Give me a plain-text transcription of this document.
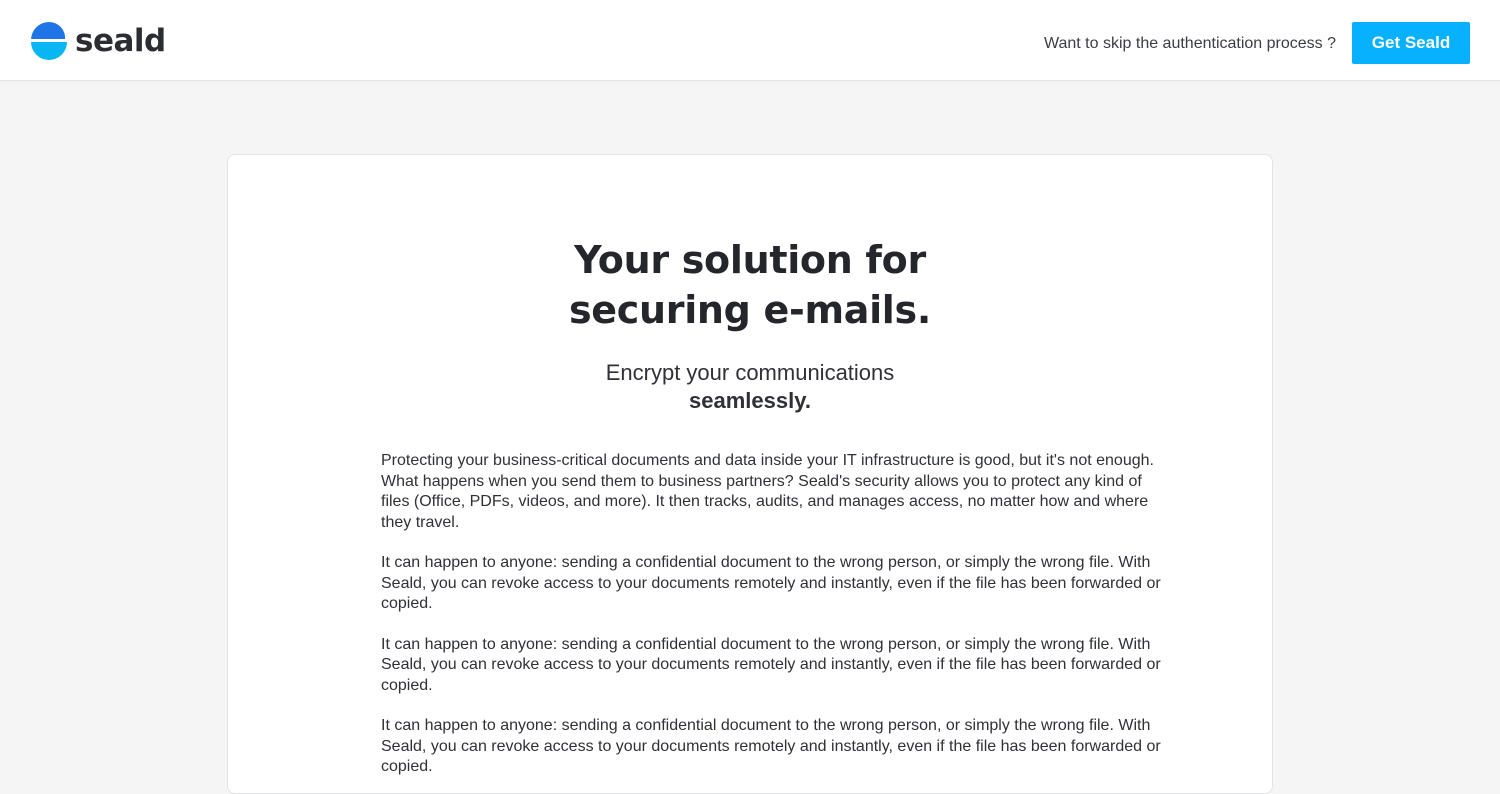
seald	Want to skip the authentication process ?	Get Seald
Your solution for
securing e-mails.
Encrypt your communications
seamlessly.

Protecting your business-critical documents and data inside your IT infrastructure is good, but it's not enough. What happens when you send them to business partners? Seald's security allows you to protect any kind of files (Office, PDFs, videos, and more). It then tracks, audits, and manages access, no matter how and where they travel.

It can happen to anyone: sending a confidential document to the wrong person, or simply the wrong file. With Seald, you can revoke access to your documents remotely and instantly, even if the file has been forwarded or copied.

It can happen to anyone: sending a confidential document to the wrong person, or simply the wrong file. With Seald, you can revoke access to your documents remotely and instantly, even if the file has been forwarded or copied.

It can happen to anyone: sending a confidential document to the wrong person, or simply the wrong file. With Seald, you can revoke access to your documents remotely and instantly, even if the file has been forwarded or copied.
